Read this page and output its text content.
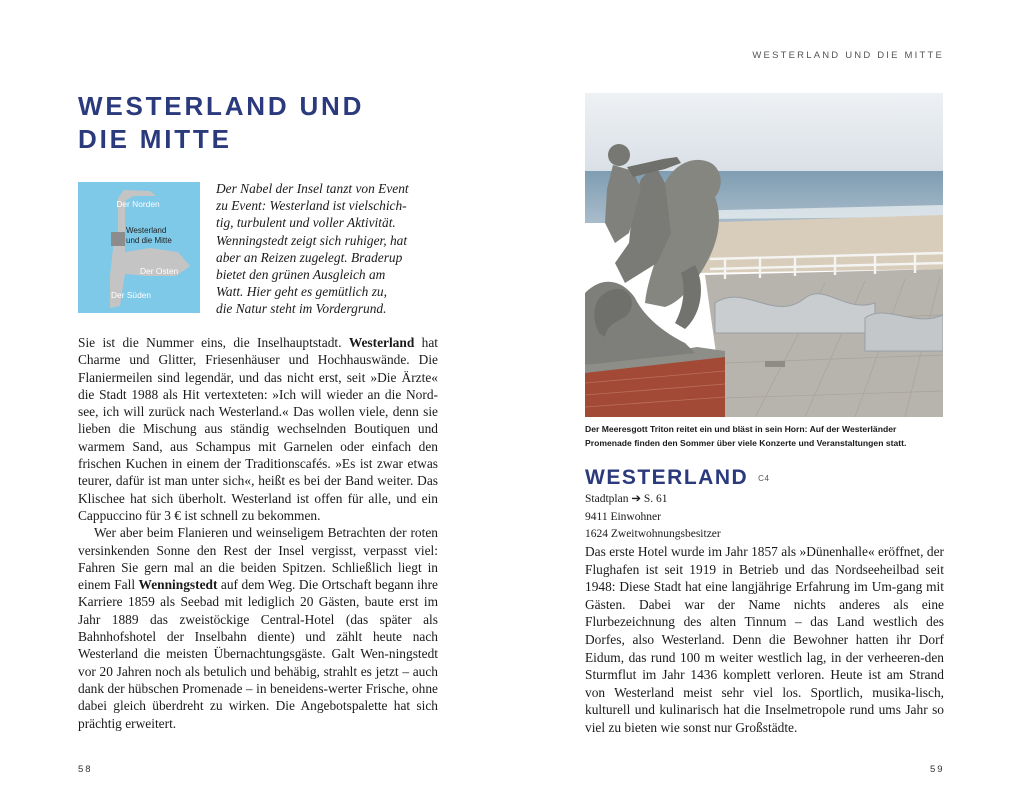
WESTERLAND UND DIE MITTE
WESTERLAND UND
DIE MITTE
Der Norden
Westerland
und die Mitte
Der Osten
Der Süden
Der Nabel der Insel tanzt von Event
zu Event: Westerland ist vielschich-
tig, turbulent und voller Aktivität.
Wenningstedt zeigt sich ruhiger, hat
aber an Reizen zugelegt. Braderup
bietet den grünen Ausgleich am
Watt. Hier geht es gemütlich zu,
die Natur steht im Vordergrund.

Sie ist die Nummer eins, die Inselhauptstadt. Westerland hat Charme und Glitter, Friesenhäuser und Hochhauswände. Die Flaniermeilen sind legendär, und das nicht erst, seit »Die Ärzte« die Stadt 1988 als Hit vertexteten: »Ich will wieder an die Nord-see, ich will zurück nach Westerland.« Das wollen viele, denn sie lieben die Mischung aus ständig wechselnden Boutiquen und warmem Sand, aus Schampus mit Garnelen oder einfach den frischen Kuchen in einem der Traditionscafés. »Es ist zwar etwas teurer, dafür ist man unter sich«, heißt es bei der Band weiter. Das Klischee hat sich überholt. Westerland ist offen für alle, und ein Cappuccino für 3 € ist schnell zu bekommen.

Wer aber beim Flanieren und weinseligem Betrachten der roten versinkenden Sonne den Rest der Insel vergisst, verpasst viel: Fahren Sie gern mal an die beiden Spitzen. Schließlich liegt in einem Fall Wenningstedt auf dem Weg. Die Ortschaft begann ihre Karriere 1859 als Seebad mit lediglich 20 Gästen, baute erst im Jahr 1889 das zweistöckige Central-Hotel (das später als Bahnhofshotel der Inselbahn diente) und zählt heute nach Westerland die meisten Übernachtungsgäste. Galt Wen-ningstedt vor 20 Jahren noch als betulich und behäbig, strahlt es jetzt – auch dank der hübschen Promenade – in beneidens-werter Frische, ohne dabei gleich überdreht zu wirken. Die Angebotspalette hat sich prächtig erweitert.

Der Meeresgott Triton reitet ein und bläst in sein Horn: Auf der Westerländer
Promenade finden den Sommer über viele Konzerte und Veranstaltungen statt.
WESTERLAND C4
Stadtplan ➔ S. 61
9411 Einwohner
1624 Zweitwohnungsbesitzer

Das erste Hotel wurde im Jahr 1857 als »Dünenhalle« eröffnet, der Flughafen ist seit 1919 in Betrieb und das Nordseeheilbad seit 1948: Diese Stadt hat eine langjährige Erfahrung im Um-gang mit Gästen. Dabei war der Name nichts anderes als eine Flurbezeichnung des alten Tinnum – das Land westlich des Dorfes, also Westerland. Denn die Bewohner hatten ihr Dorf Eidum, das rund 100 m weiter westlich lag, in der verheeren-den Sturmflut im Jahr 1436 komplett verloren. Heute ist am Strand von Westerland meist sehr viel los. Sportlich, musika-lisch, kulturell und kulinarisch hat die Inselmetropole rund ums Jahr so viel zu bieten wie sonst nur Großstädte.

58	59
